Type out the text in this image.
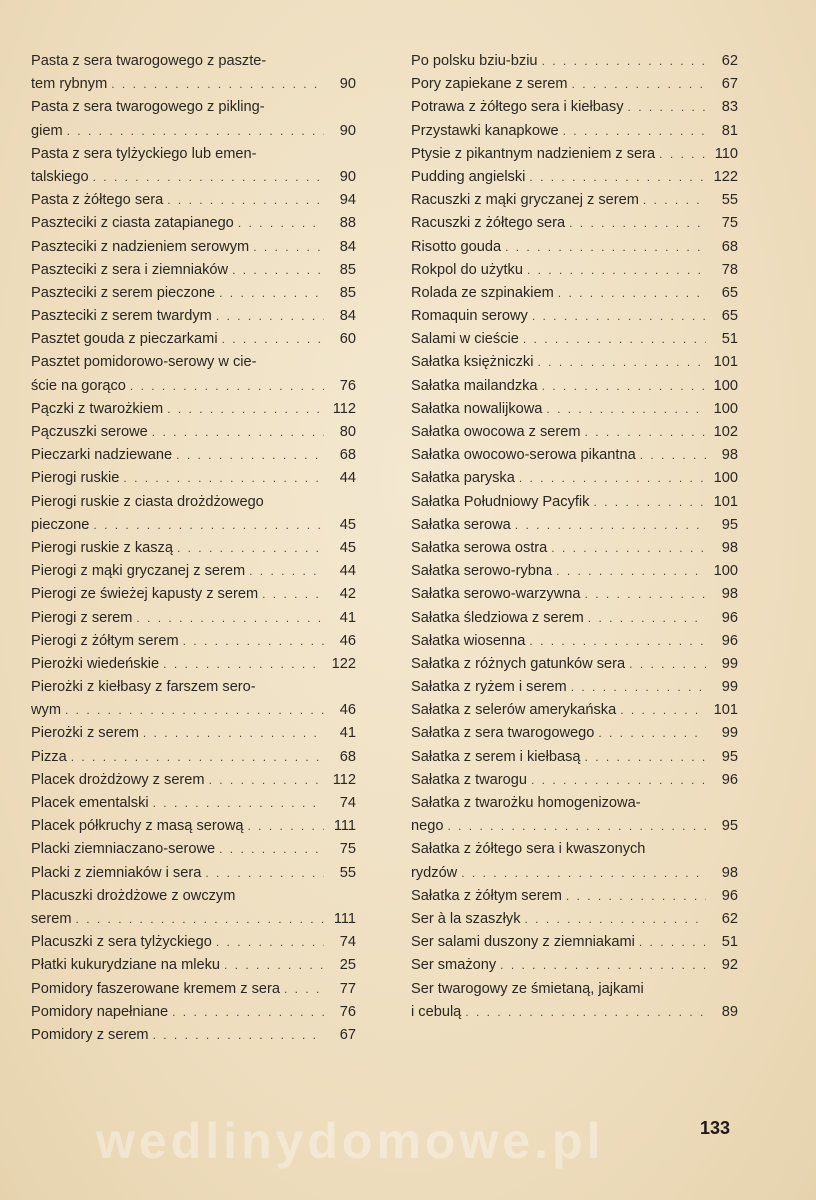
Pasta z sera twarogowego z paszte-
tem rybnym . . .	90
Pasta z sera twarogowego z pikling-
giem . . .	90
Pasta z sera tylżyckiego lub emen-
talskiego . . .	90
Pasta z żółtego sera . . .	94
Paszteciki z ciasta zatapianego . . .	88
Paszteciki z nadzieniem serowym . . .	84
Paszteciki z sera i ziemniaków . . .	85
Paszteciki z serem pieczone . . .	85
Paszteciki z serem twardym . . .	84
Pasztet gouda z pieczarkami . . .	60
Pasztet pomidorowo-serowy w cie-
ście na gorąco . . .	76
Pączki z twarożkiem . . .	112
Pączuszki serowe . . .	80
Pieczarki nadziewane . . .	68
Pierogi ruskie . . .	44
Pierogi ruskie z ciasta drożdżowego
pieczone . . .	45
Pierogi ruskie z kaszą . . .	45
Pierogi z mąki gryczanej z serem . . .	44
Pierogi ze świeżej kapusty z serem . . .	42
Pierogi z serem . . .	41
Pierogi z żółtym serem . . .	46
Pierożki wiedeńskie . . .	122
Pierożki z kiełbasy z farszem sero-
wym . . .	46
Pierożki z serem . . .	41
Pizza . . .	68
Placek drożdżowy z serem . . .	112
Placek ementalski . . .	74
Placek półkruchy z masą serową . . .	111
Placki ziemniaczano-serowe . . .	75
Placki z ziemniaków i sera . . .	55
Placuszki drożdżowe z owczym
serem . . .	111
Placuszki z sera tylżyckiego . . .	74
Płatki kukurydziane na mleku . . .	25
Pomidory faszerowane kremem z sera . . .	77
Pomidory napełniane . . .	76
Pomidory z serem . . .	67
Po polsku bziu-bziu . . .	62
Pory zapiekane z serem . . .	67
Potrawa z żółtego sera i kiełbasy . . .	83
Przystawki kanapkowe . . .	81
Ptysie z pikantnym nadzieniem z sera . . .	110
Pudding angielski . . .	122
Racuszki z mąki gryczanej z serem . . .	55
Racuszki z żółtego sera . . .	75
Risotto gouda . . .	68
Rokpol do użytku . . .	78
Rolada ze szpinakiem . . .	65
Romaquin serowy . . .	65
Salami w cieście . . .	51
Sałatka księżniczki . . .	101
Sałatka mailandzka . . .	100
Sałatka nowalijkowa . . .	100
Sałatka owocowa z serem . . .	102
Sałatka owocowo-serowa pikantna . . .	98
Sałatka paryska . . .	100
Sałatka Południowy Pacyfik . . .	101
Sałatka serowa . . .	95
Sałatka serowa ostra . . .	98
Sałatka serowo-rybna . . .	100
Sałatka serowo-warzywna . . .	98
Sałatka śledziowa z serem . . .	96
Sałatka wiosenna . . .	96
Sałatka z różnych gatunków sera . . .	99
Sałatka z ryżem i serem . . .	99
Sałatka z selerów amerykańska . . .	101
Sałatka z sera twarogowego . . .	99
Sałatka z serem i kiełbasą . . .	95
Sałatka z twarogu . . .	96
Sałatka z twarożku homogenizowa-
nego . . .	95
Sałatka z żółtego sera i kwaszonych
rydzów . . .	98
Sałatka z żółtym serem . . .	96
Ser à la szaszłyk . . .	62
Ser salami duszony z ziemniakami . . .	51
Ser smażony . . .	92
Ser twarogowy ze śmietaną, jajkami
i cebulą . . .	89
wedlinydomowe.pl	133
